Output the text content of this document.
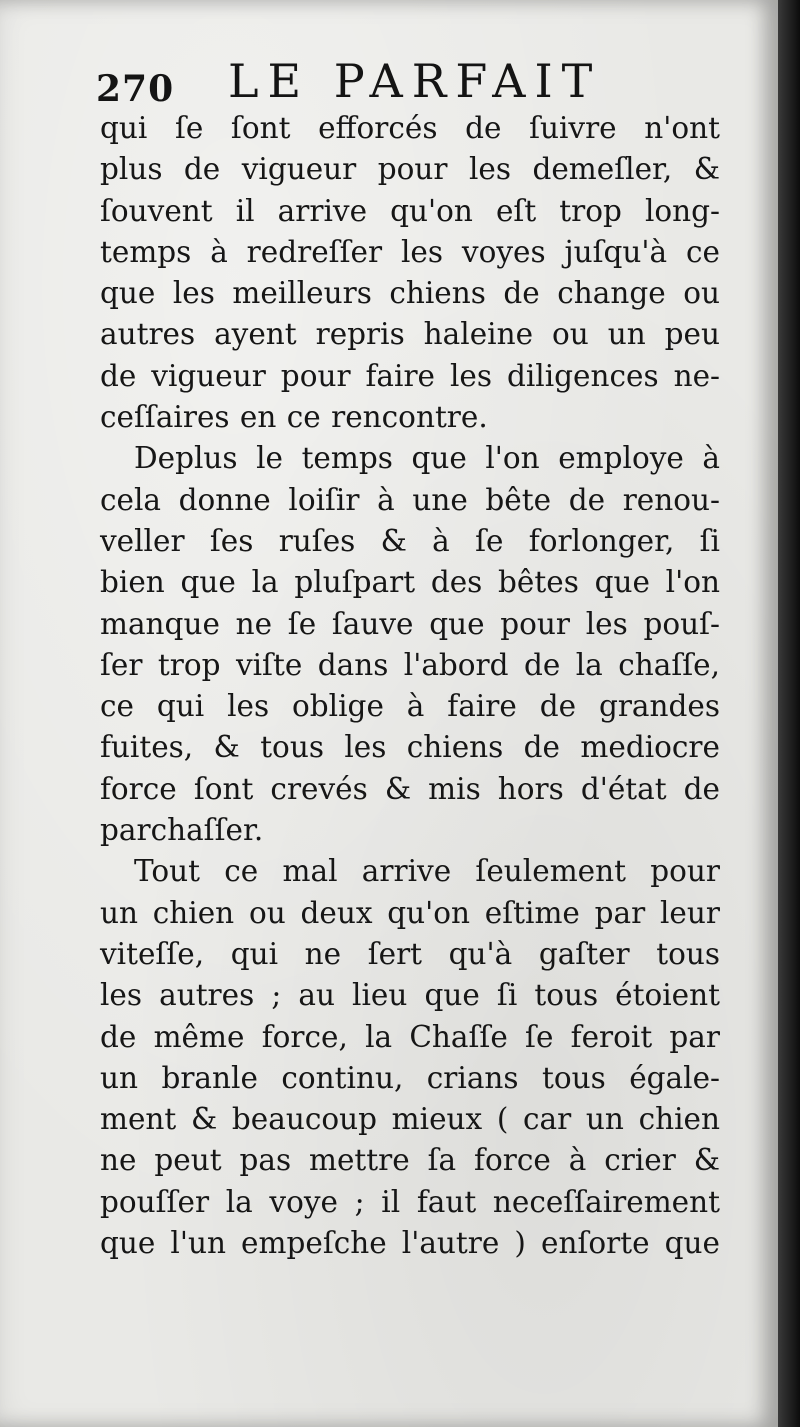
270 LE PARFAIT
qui ſe ſont efforcés de ſuivre n'ont
plus de vigueur pour les demeſler, &
ſouvent il arrive qu'on eſt trop long-
temps à redreſſer les voyes juſqu'à ce
que les meilleurs chiens de change ou
autres ayent repris haleine ou un peu
de vigueur pour faire les diligences ne-
ceſſaires en ce rencontre.
Deplus le temps que l'on employe à
cela donne loiſir à une bête de renou-
veller ſes ruſes & à ſe forlonger, ſi
bien que la pluſpart des bêtes que l'on
manque ne ſe ſauve que pour les pouſ-
ſer trop viſte dans l'abord de la chaſſe,
ce qui les oblige à faire de grandes
fuites, & tous les chiens de mediocre
force ſont crevés & mis hors d'état de
parchaſſer.
Tout ce mal arrive ſeulement pour
un chien ou deux qu'on eſtime par leur
viteſſe, qui ne ſert qu'à gaſter tous
les autres ; au lieu que ſi tous étoient
de même force, la Chaſſe ſe feroit par
un branle continu, crians tous égale-
ment & beaucoup mieux ( car un chien
ne peut pas mettre ſa force à crier &
pouſſer la voye ; il faut neceſſairement
que l'un empeſche l'autre ) enſorte que
